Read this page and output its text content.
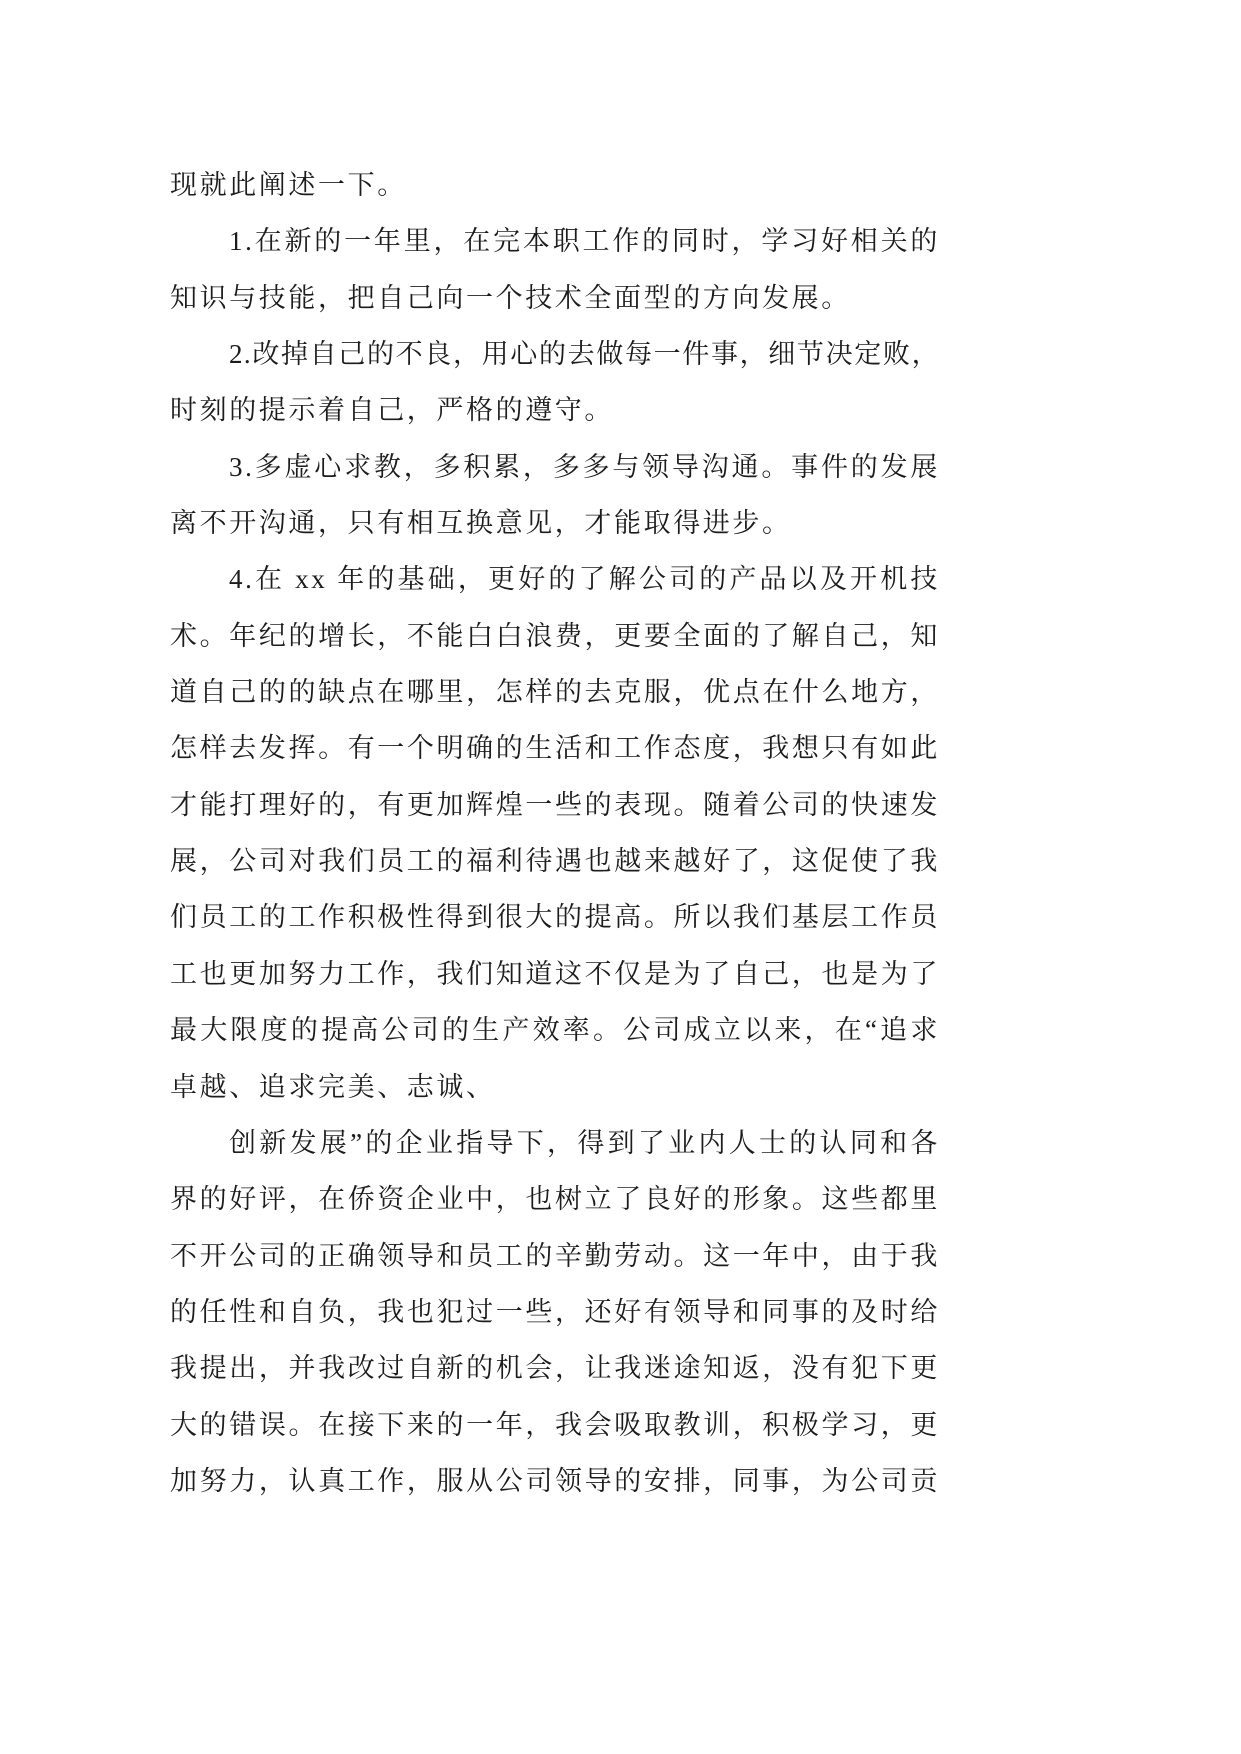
现就此阐述一下。
1.在新的一年里，在完本职工作的同时，学习好相关的
知识与技能，把自己向一个技术全面型的方向发展。
2.改掉自己的不良，用心的去做每一件事，细节决定败，
时刻的提示着自己，严格的遵守。
3.多虚心求教，多积累，多多与领导沟通。事件的发展
离不开沟通，只有相互换意见，才能取得进步。
4.在 xx 年的基础，更好的了解公司的产品以及开机技
术。年纪的增长，不能白白浪费，更要全面的了解自己，知
道自己的的缺点在哪里，怎样的去克服，优点在什么地方，
怎样去发挥。有一个明确的生活和工作态度，我想只有如此
才能打理好的，有更加辉煌一些的表现。随着公司的快速发
展，公司对我们员工的福利待遇也越来越好了，这促使了我
们员工的工作积极性得到很大的提高。所以我们基层工作员
工也更加努力工作，我们知道这不仅是为了自己，也是为了
最大限度的提高公司的生产效率。公司成立以来，在“追求
卓越、追求完美、志诚、
创新发展”的企业指导下，得到了业内人士的认同和各
界的好评，在侨资企业中，也树立了良好的形象。这些都里
不开公司的正确领导和员工的辛勤劳动。这一年中，由于我
的任性和自负，我也犯过一些，还好有领导和同事的及时给
我提出，并我改过自新的机会，让我迷途知返，没有犯下更
大的错误。在接下来的一年，我会吸取教训，积极学习，更
加努力，认真工作，服从公司领导的安排，同事，为公司贡
